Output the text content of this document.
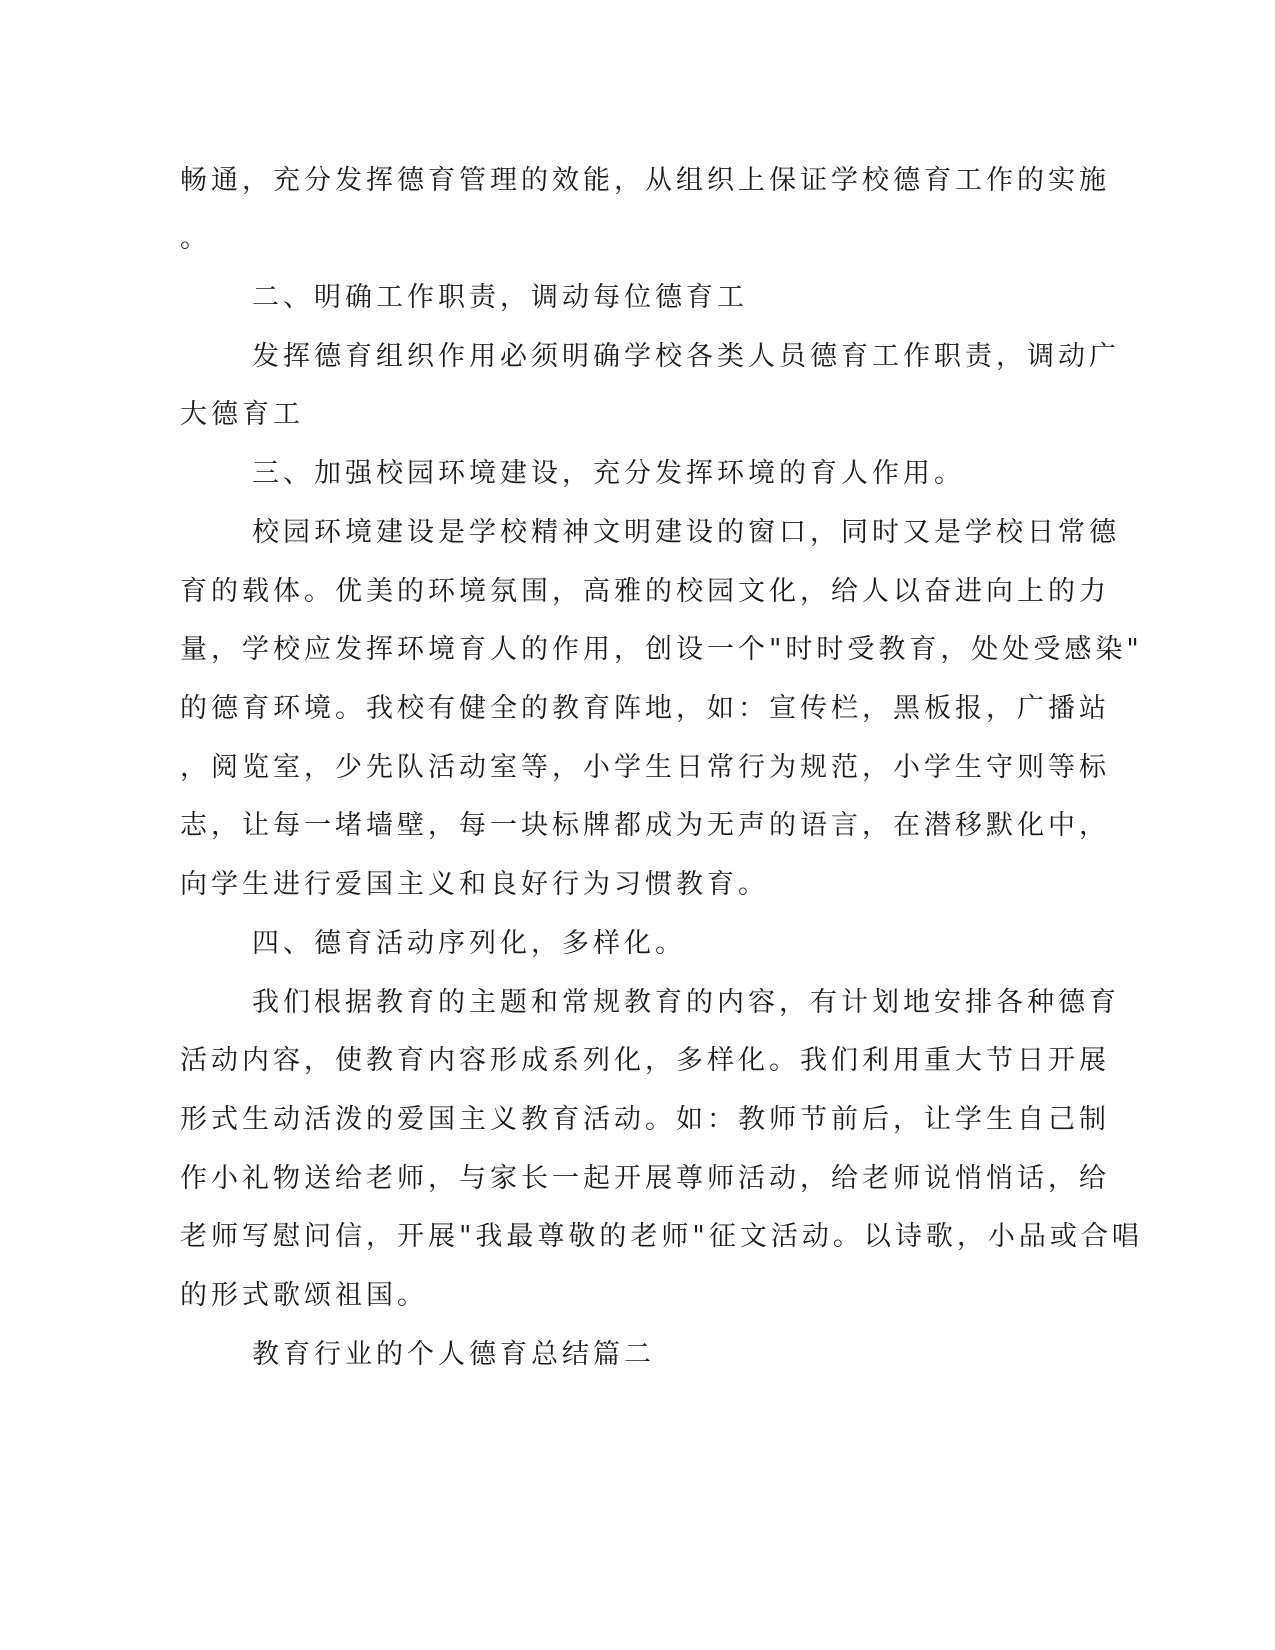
畅通，充分发挥德育管理的效能，从组织上保证学校德育工作的实施
。
二、明确工作职责，调动每位德育工
发挥德育组织作用必须明确学校各类人员德育工作职责，调动广
大德育工
三、加强校园环境建设，充分发挥环境的育人作用。
校园环境建设是学校精神文明建设的窗口，同时又是学校日常德
育的载体。优美的环境氛围，高雅的校园文化，给人以奋进向上的力
量，学校应发挥环境育人的作用，创设一个"时时受教育，处处受感染"
的德育环境。我校有健全的教育阵地，如：宣传栏，黑板报，广播站
，阅览室，少先队活动室等，小学生日常行为规范，小学生守则等标
志，让每一堵墙壁，每一块标牌都成为无声的语言，在潜移默化中，
向学生进行爱国主义和良好行为习惯教育。
四、德育活动序列化，多样化。
我们根据教育的主题和常规教育的内容，有计划地安排各种德育
活动内容，使教育内容形成系列化，多样化。我们利用重大节日开展
形式生动活泼的爱国主义教育活动。如：教师节前后，让学生自己制
作小礼物送给老师，与家长一起开展尊师活动，给老师说悄悄话，给
老师写慰问信，开展"我最尊敬的老师"征文活动。以诗歌，小品或合唱
的形式歌颂祖国。
教育行业的个人德育总结篇二
